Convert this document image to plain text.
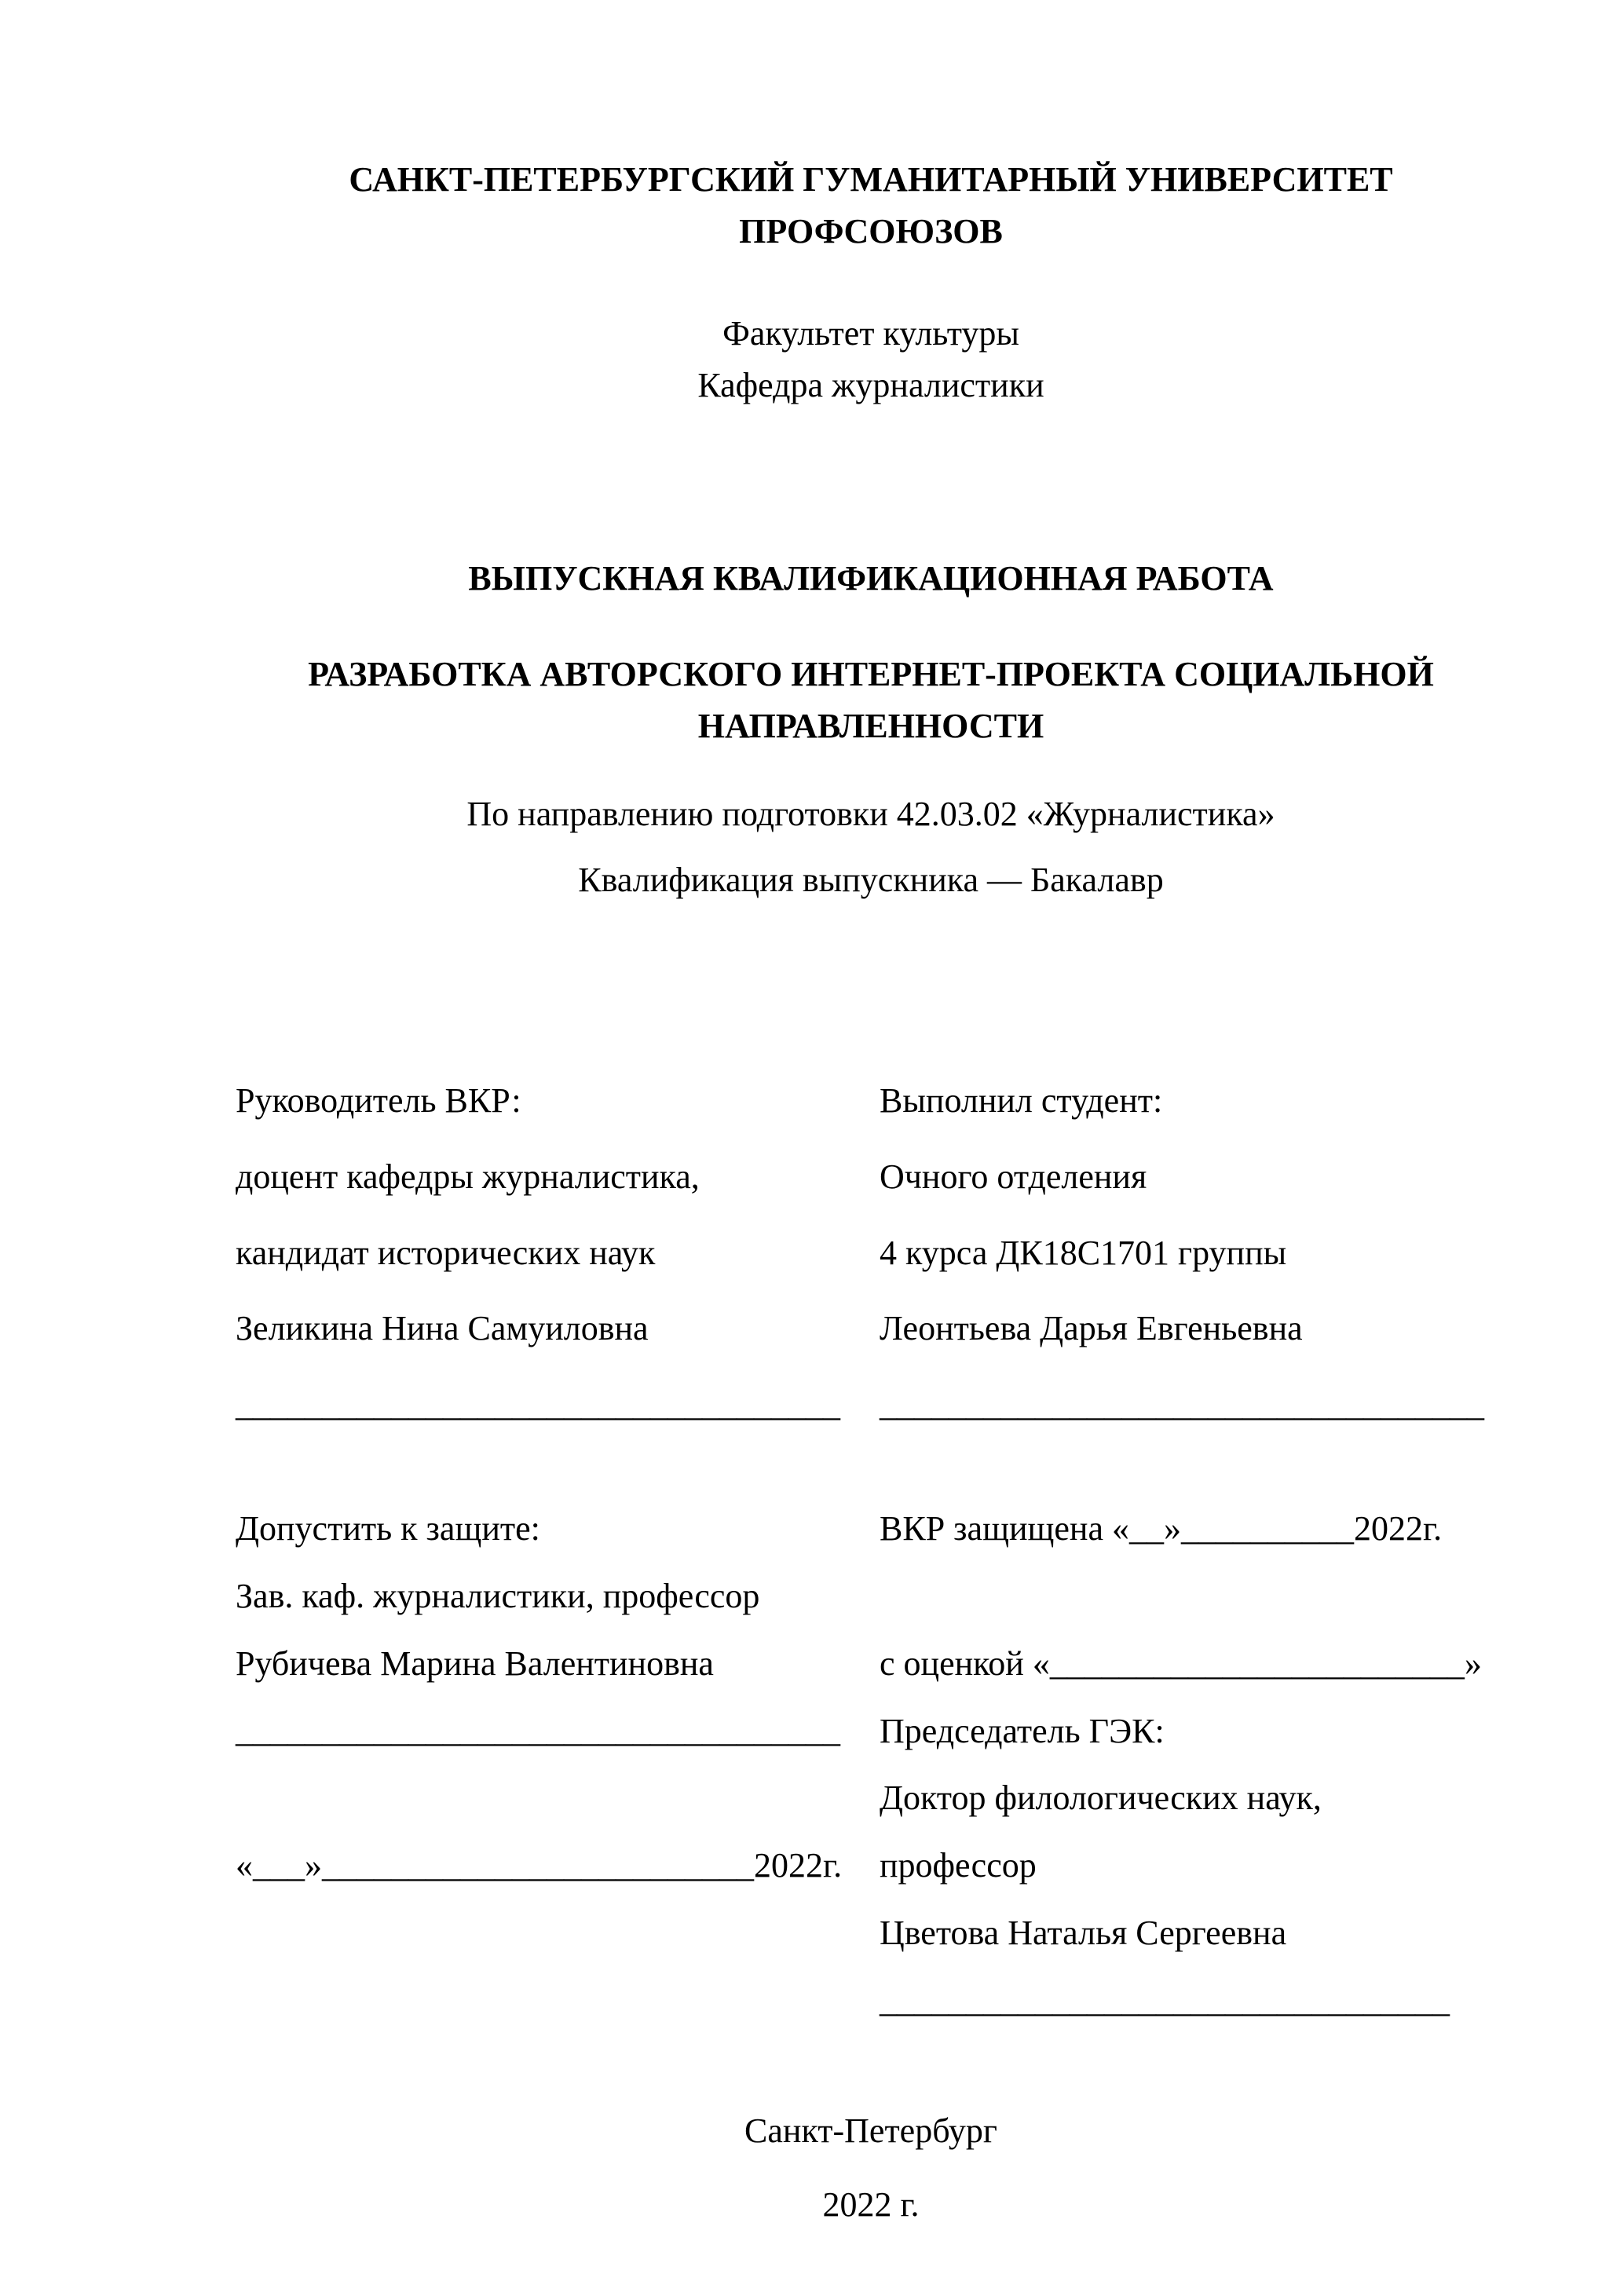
САНКТ-ПЕТЕРБУРГСКИЙ ГУМАНИТАРНЫЙ УНИВЕРСИТЕТ
ПРОФСОЮЗОВ

Факультет культуры

Кафедра журналистики

ВЫПУСКНАЯ КВАЛИФИКАЦИОННАЯ РАБОТА
РАЗРАБОТКА АВТОРСКОГО ИНТЕРНЕТ-ПРОЕКТА СОЦИАЛЬНОЙ
НАПРАВЛЕННОСТИ

По направлению подготовки 42.03.02 «Журналистика»

Квалификация выпускника — Бакалавр

Руководитель ВКР:

доцент кафедры журналистика,

кандидат исторических наук

Зеликина Нина Самуиловна

___________________________________

Выполнил студент:

Очного отделения

4 курса ДК18С1701 группы

Леонтьева Дарья Евгеньевна

___________________________________

Допустить к защите:

Зав. каф. журналистики, профессор

Рубичева Марина Валентиновна

___________________________________

«___»_________________________2022г.

ВКР защищена «__»__________2022г.

с оценкой «________________________»

Председатель ГЭК:

Доктор филологических наук,

профессор

Цветова Наталья Сергеевна

_________________________________

Санкт-Петербург

2022 г.
